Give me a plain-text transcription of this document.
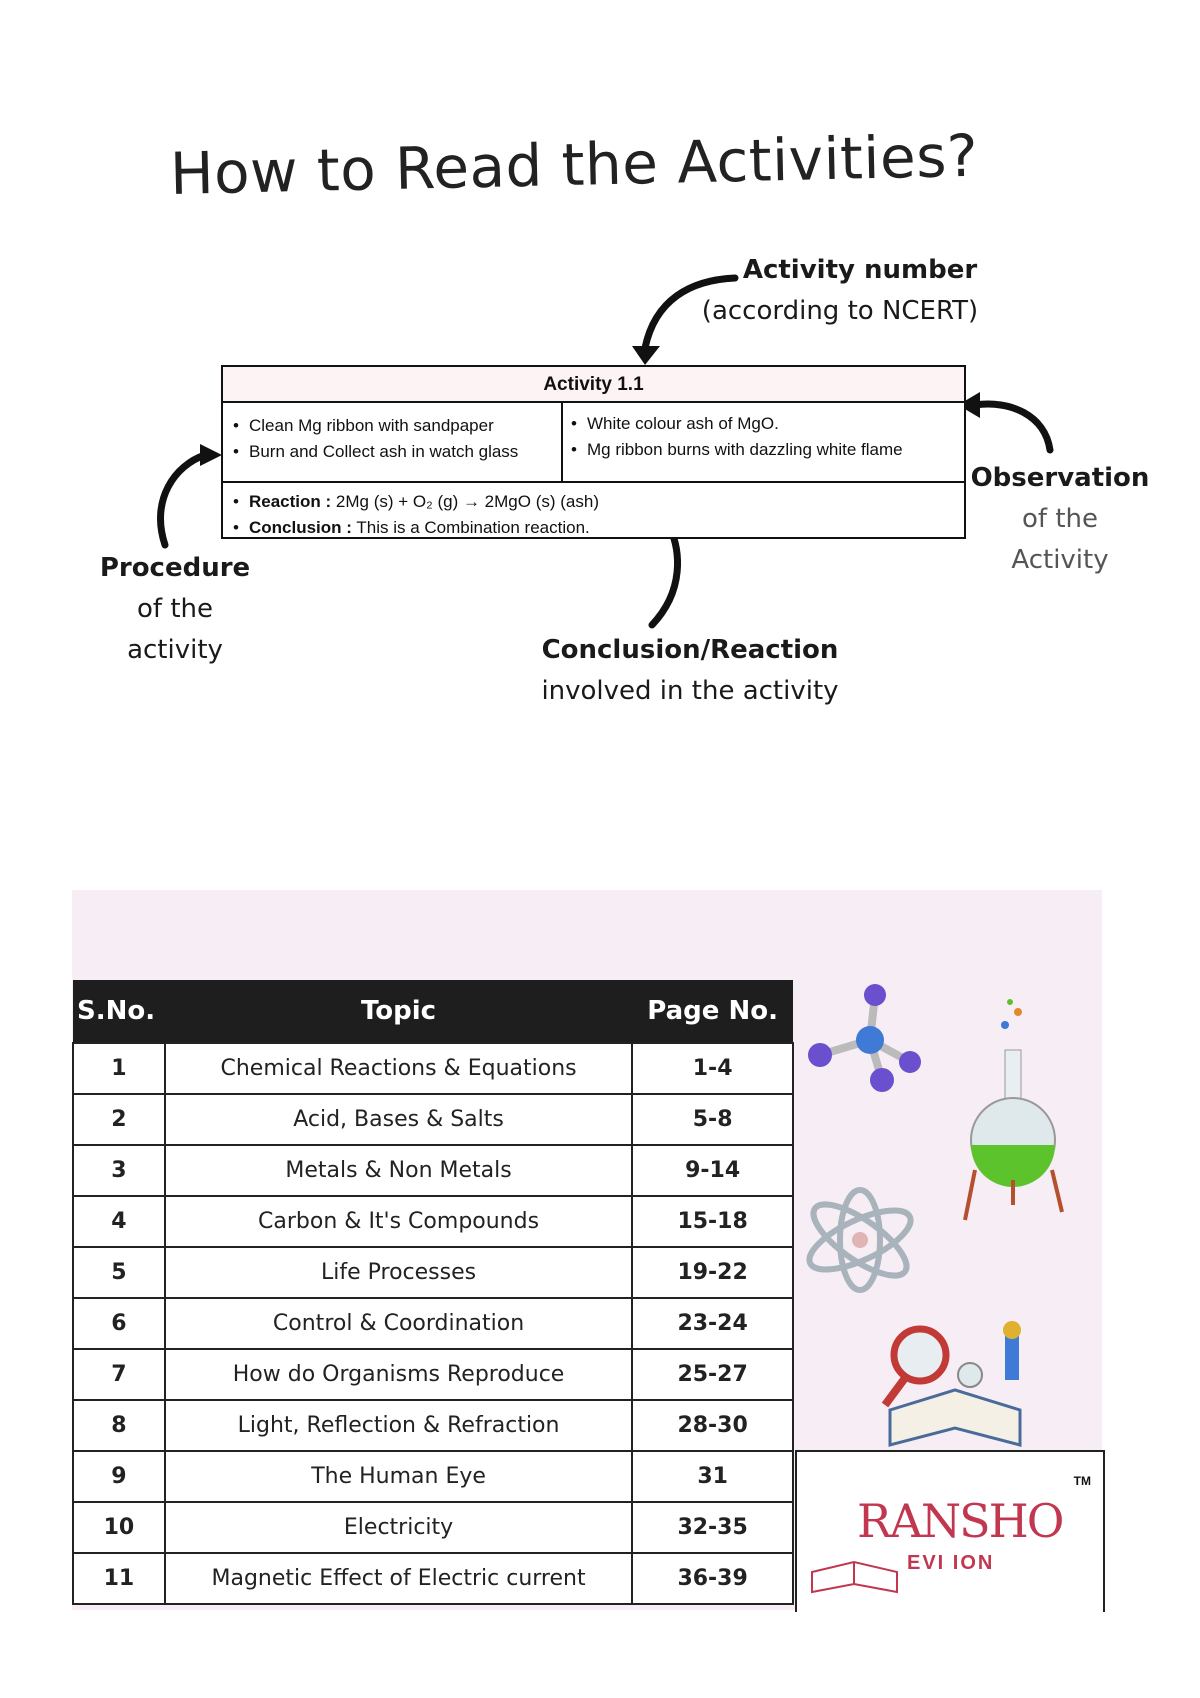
How to Read the Activities?
Activity number
(according to NCERT)
Activity 1.1
• Clean Mg ribbon with sandpaper
• Burn and Collect ash in watch glass
• White colour ash of MgO.
• Mg ribbon burns with dazzling white flame
• Reaction : 2Mg (s) + O₂ (g) → 2MgO (s) (ash)
• Conclusion : This is a Combination reaction.
Procedure
of the
activity
Observation
of the
Activity
Conclusion/Reaction
involved in the activity
S.No.	Topic	Page No.
1	Chemical Reactions & Equations	1-4
2	Acid, Bases & Salts	5-8
3	Metals & Non Metals	9-14
4	Carbon & It's Compounds	15-18
5	Life Processes	19-22
6	Control & Coordination	23-24
7	How do Organisms Reproduce	25-27
8	Light, Reflection & Refraction	28-30
9	The Human Eye	31
10	Electricity	32-35
11	Magnetic Effect of Electric current	36-39
TM
RANSHO
EVI ION
